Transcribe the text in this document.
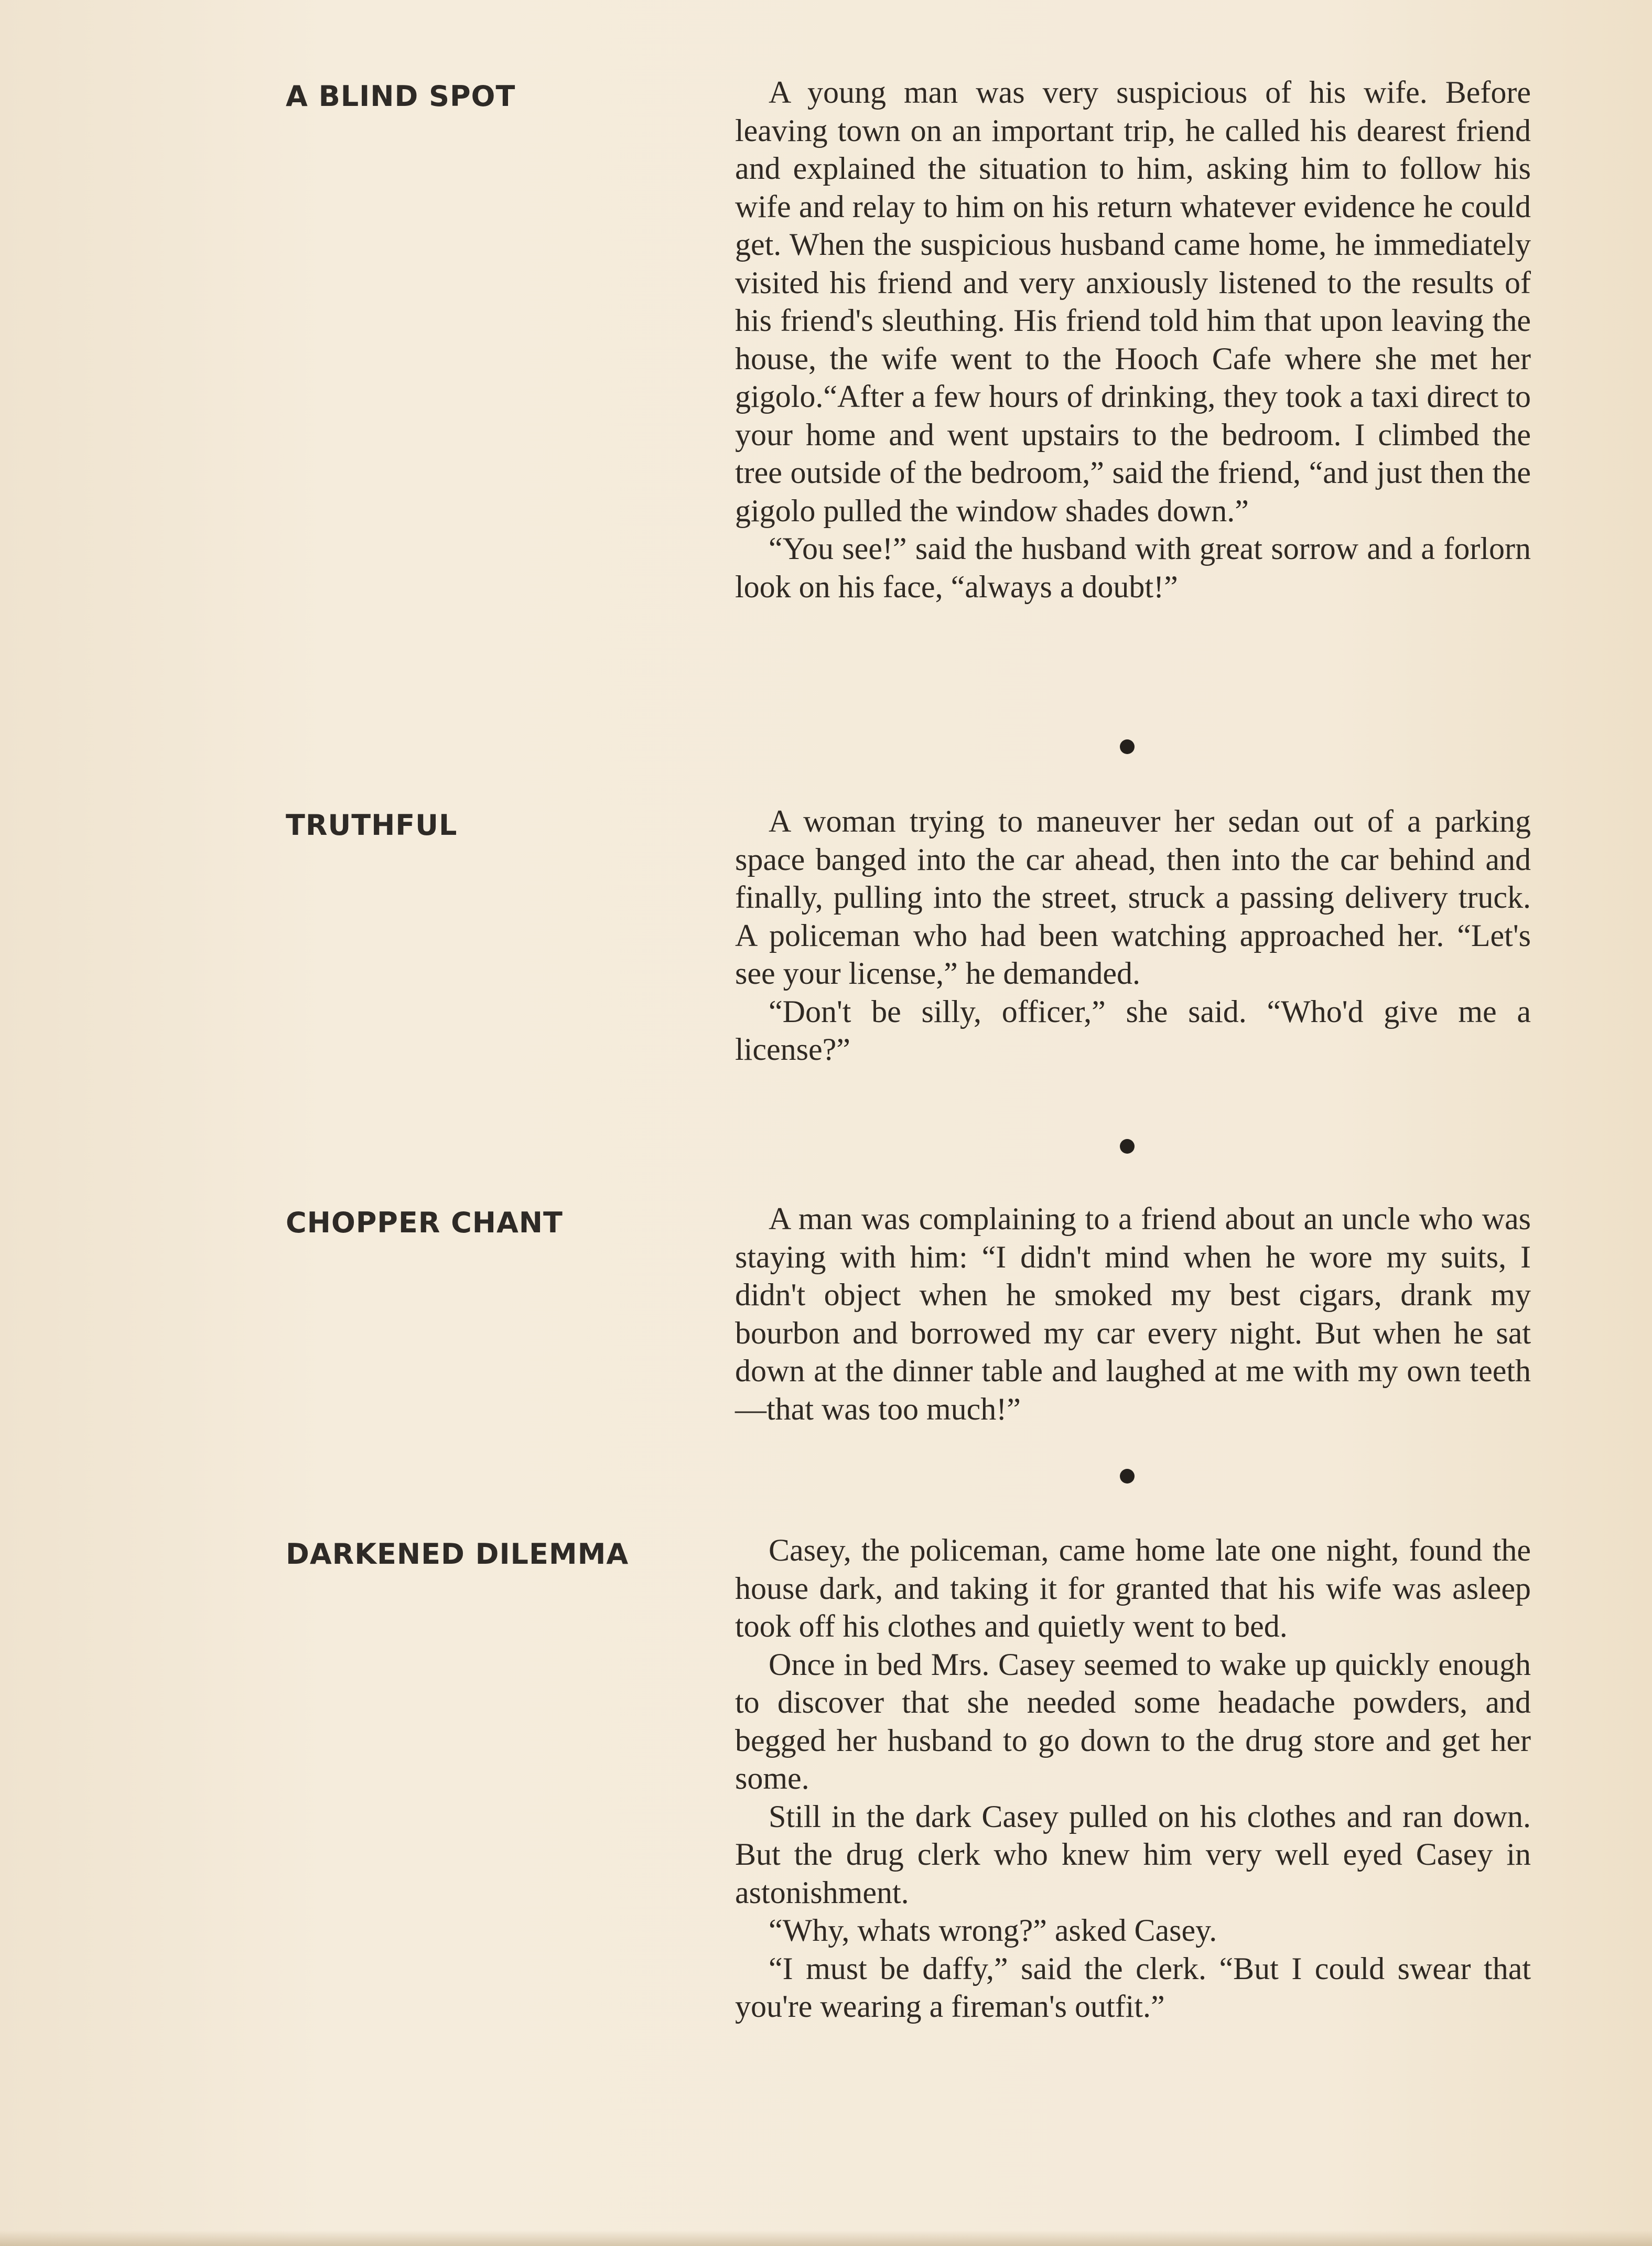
A BLIND SPOT	A young man was very suspicious of his wife. Before leaving town on an important trip, he called his dearest friend and explained the situation to him, asking him to follow his wife and relay to him on his return whatever evidence he could get. When the suspicious husband came home, he immediately visited his friend and very anxiously listened to the results of his friend's sleuthing. His friend told him that upon leaving the house, the wife went to the Hooch Cafe where she met her gigolo.“After a few hours of drinking, they took a taxi direct to your home and went upstairs to the bedroom. I climbed the tree outside of the bedroom,” said the friend, “and just then the gigolo pulled the window shades down.”

“You see!” said the husband with great sorrow and a forlorn look on his face, “always a doubt!”

TRUTHFUL	A woman trying to maneuver her sedan out of a parking space banged into the car ahead, then into the car behind and finally, pulling into the street, struck a passing delivery truck. A policeman who had been watching approached her. “Let's see your license,” he demanded.

“Don't be silly, officer,” she said. “Who'd give me a license?”

CHOPPER CHANT	A man was complaining to a friend about an uncle who was staying with him: “I didn't mind when he wore my suits, I didn't object when he smoked my best cigars, drank my bourbon and borrowed my car every night. But when he sat down at the dinner table and laughed at me with my own teeth—that was too much!”

DARKENED DILEMMA	Casey, the policeman, came home late one night, found the house dark, and taking it for granted that his wife was asleep took off his clothes and quietly went to bed.

Once in bed Mrs. Casey seemed to wake up quickly enough to discover that she needed some headache powders, and begged her husband to go down to the drug store and get her some.

Still in the dark Casey pulled on his clothes and ran down. But the drug clerk who knew him very well eyed Casey in astonishment.

“Why, whats wrong?” asked Casey.

“I must be daffy,” said the clerk. “But I could swear that you're wearing a fireman's outfit.”
